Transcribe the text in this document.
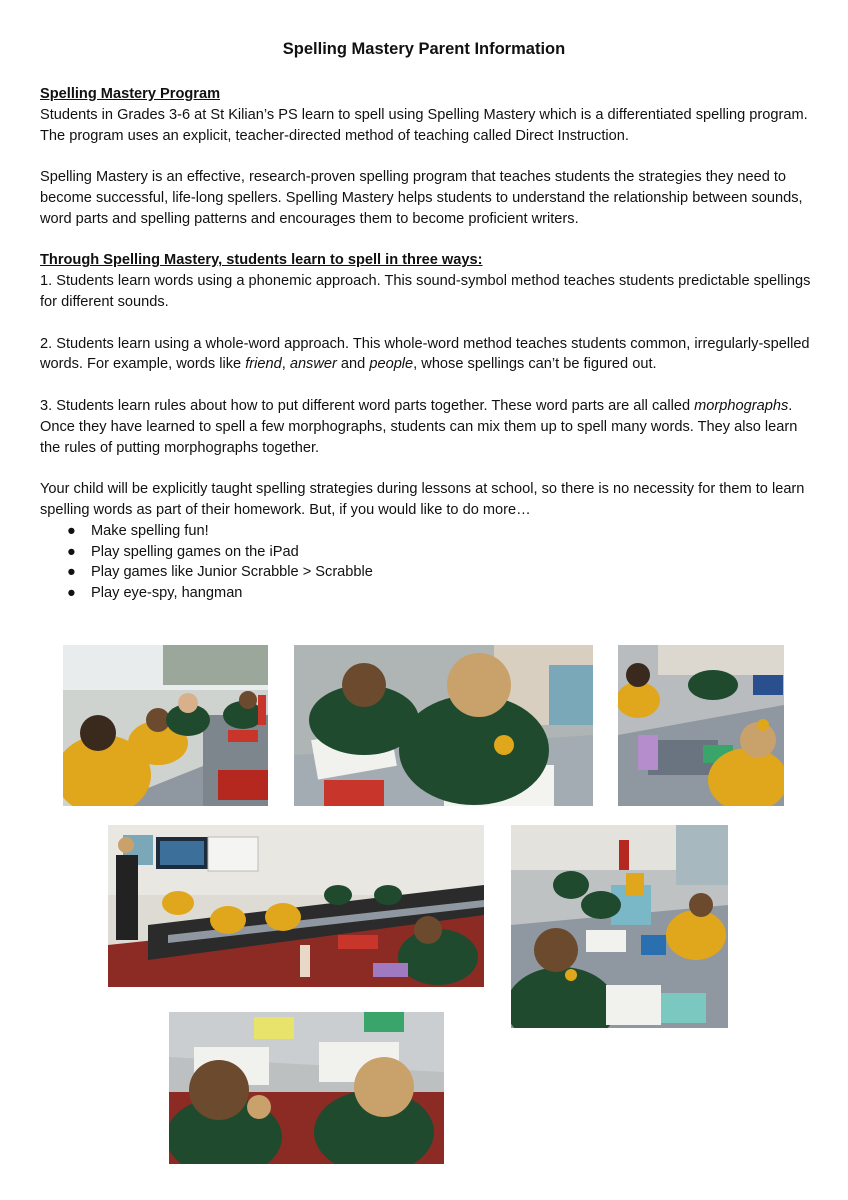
Spelling Mastery Parent Information

Spelling Mastery Program

Students in Grades 3-6 at St Kilian’s PS learn to spell using Spelling Mastery which is a differentiated spelling program. The program uses an explicit, teacher-directed method of teaching called Direct Instruction.

Spelling Mastery is an effective, research-proven spelling program that teaches students the strategies they need to become successful, life-long spellers. Spelling Mastery helps students to understand the relationship between sounds, word parts and spelling patterns and encourages them to become proficient writers.

Through Spelling Mastery, students learn to spell in three ways:

1. Students learn words using a phonemic approach. This sound-symbol method teaches students predictable spellings for different sounds.

2. Students learn using a whole-word approach. This whole-word method teaches students common, irregularly-spelled words. For example, words like friend, answer and people, whose spellings can’t be figured out.

3. Students learn rules about how to put different word parts together. These word parts are all called morphographs. Once they have learned to spell a few morphographs, students can mix them up to spell many words. They also learn the rules of putting morphographs together.

Your child will be explicitly taught spelling strategies during lessons at school, so there is no necessity for them to learn spelling words as part of their homework. But, if you would like to do more…

● Make spelling fun!
● Play spelling games on the iPad
● Play games like Junior Scrabble > Scrabble
● Play eye-spy, hangman
